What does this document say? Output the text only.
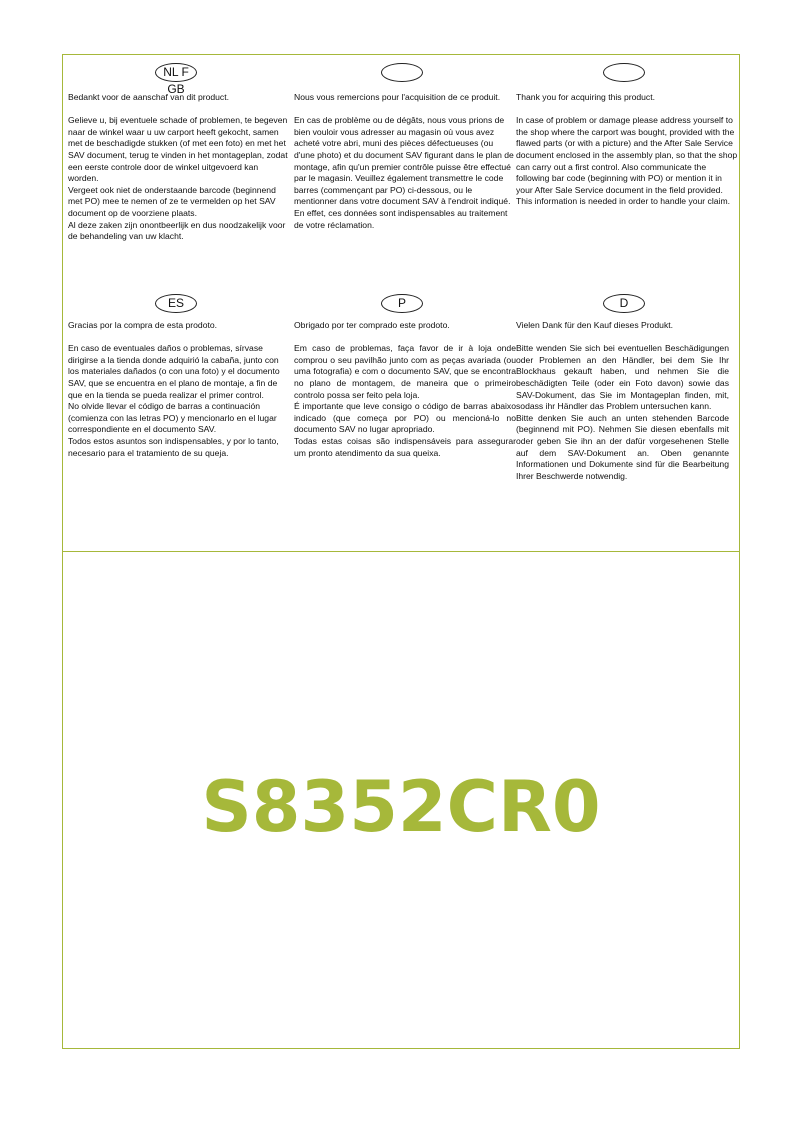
NL F GB

Bedankt voor de aanschaf van dit product.

Gelieve u, bij eventuele schade of problemen, te begeven naar de winkel waar u uw carport heeft gekocht, samen met de beschadigde stukken (of met een foto) en met het SAV document, terug te vinden in het montageplan, zodat een eerste controle door de winkel uitgevoerd kan worden.
Vergeet ook niet de onderstaande barcode (beginnend met PO) mee te nemen of ze te vermelden op het SAV document op de voorziene plaats.
Al deze zaken zijn onontbeerlijk en dus noodzakelijk voor de behandeling van uw klacht.

Nous vous remercions pour l'acquisition de ce produit.

En cas de problème ou de dégâts, nous vous prions de bien vouloir vous adresser au magasin où vous avez acheté votre abri, muni des pièces défectueuses (ou d'une photo) et du document SAV figurant dans le plan de montage, afin qu'un premier contrôle puisse être effectué par le magasin. Veuillez également transmettre le code barres (commençant par PO) ci-dessous, ou le mentionner dans votre document SAV à l'endroit indiqué. En effet, ces données sont indispensables au traitement de votre réclamation.

Thank you for acquiring this product.

In case of problem or damage please address yourself to the shop where the carport was bought, provided with the flawed parts (or with a picture) and the After Sale Service document enclosed in the assembly plan, so that the shop can carry out a first control. Also communicate the following bar code (beginning with PO) or mention it in your After Sale Service document in the field provided. This information is needed in order to handle your claim.

ES	P	D

Gracias por la compra de esta prodoto.

En caso de eventuales daños o problemas, sírvase dirigirse a la tienda donde adquirió la cabaña, junto con los materiales dañados (o con una foto) y el documento SAV, que se encuentra en el plano de montaje, a fin de que en la tienda se pueda realizar el primer control.
No olvide llevar el código de barras a continuación (comienza con las letras PO) y mencionarlo en el lugar correspondiente en el documento SAV.
Todos estos asuntos son indispensables, y por lo tanto, necesario para el tratamiento de su queja.

Obrigado por ter comprado este prodoto.

Em caso de problemas, faça favor de ir à loja onde comprou o seu pavilhão junto com as peças avariada (ou uma fotografia) e com o documento SAV, que se encontra no plano de montagem, de maneira que o primeiro controlo possa ser feito pela loja.
É importante que leve consigo o código de barras abaixo indicado (que começa por PO) ou mencioná-lo no documento SAV no lugar apropriado.
Todas estas coisas são indispensáveis para assegurar um pronto atendimento da sua queixa.

Vielen Dank für den Kauf dieses Produkt.

Bitte wenden Sie sich bei eventuellen Beschädigungen oder Problemen an den Händler, bei dem Sie Ihr Blockhaus gekauft haben, und nehmen Sie die beschädigten Teile (oder ein Foto davon) sowie das SAV-Dokument, das Sie im Montageplan finden, mit, sodass ihr Händler das Problem untersuchen kann.
Bitte denken Sie auch an unten stehenden Barcode (beginnend mit PO). Nehmen Sie diesen ebenfalls mit oder geben Sie ihn an der dafür vorgesehenen Stelle auf dem SAV-Dokument an. Oben genannte Informationen und Dokumente sind für die Bearbeitung Ihrer Beschwerde notwendig.

S8352CR0
